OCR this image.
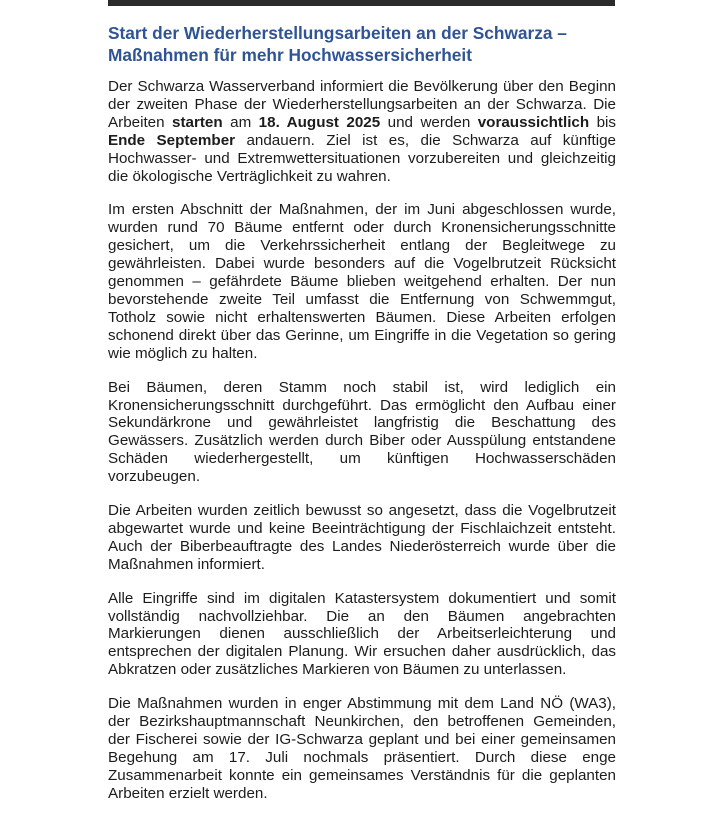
Start der Wiederherstellungsarbeiten an der Schwarza – Maßnahmen für mehr Hochwassersicherheit

Der Schwarza Wasserverband informiert die Bevölkerung über den Beginn der zweiten Phase der Wiederherstellungsarbeiten an der Schwarza. Die Arbeiten starten am 18. August 2025 und werden voraussichtlich bis Ende September andauern. Ziel ist es, die Schwarza auf künftige Hochwasser- und Extremwettersituationen vorzubereiten und gleichzeitig die ökologische Verträglichkeit zu wahren.

Im ersten Abschnitt der Maßnahmen, der im Juni abgeschlossen wurde, wurden rund 70 Bäume entfernt oder durch Kronensicherungsschnitte gesichert, um die Verkehrssicherheit entlang der Begleitwege zu gewährleisten. Dabei wurde besonders auf die Vogelbrutzeit Rücksicht genommen – gefährdete Bäume blieben weitgehend erhalten. Der nun bevorstehende zweite Teil umfasst die Entfernung von Schwemmgut, Totholz sowie nicht erhaltenswerten Bäumen. Diese Arbeiten erfolgen schonend direkt über das Gerinne, um Eingriffe in die Vegetation so gering wie möglich zu halten.

Bei Bäumen, deren Stamm noch stabil ist, wird lediglich ein Kronensicherungsschnitt durchgeführt. Das ermöglicht den Aufbau einer Sekundärkrone und gewährleistet langfristig die Beschattung des Gewässers. Zusätzlich werden durch Biber oder Ausspülung entstandene Schäden wiederhergestellt, um künftigen Hochwasserschäden vorzubeugen.

Die Arbeiten wurden zeitlich bewusst so angesetzt, dass die Vogelbrutzeit abgewartet wurde und keine Beeinträchtigung der Fischlaichzeit entsteht. Auch der Biberbeauftragte des Landes Niederösterreich wurde über die Maßnahmen informiert.

Alle Eingriffe sind im digitalen Katastersystem dokumentiert und somit vollständig nachvollziehbar. Die an den Bäumen angebrachten Markierungen dienen ausschließlich der Arbeitserleichterung und entsprechen der digitalen Planung. Wir ersuchen daher ausdrücklich, das Abkratzen oder zusätzliches Markieren von Bäumen zu unterlassen.

Die Maßnahmen wurden in enger Abstimmung mit dem Land NÖ (WA3), der Bezirkshauptmannschaft Neunkirchen, den betroffenen Gemeinden, der Fischerei sowie der IG-Schwarza geplant und bei einer gemeinsamen Begehung am 17. Juli nochmals präsentiert. Durch diese enge Zusammenarbeit konnte ein gemeinsames Verständnis für die geplanten Arbeiten erzielt werden.
